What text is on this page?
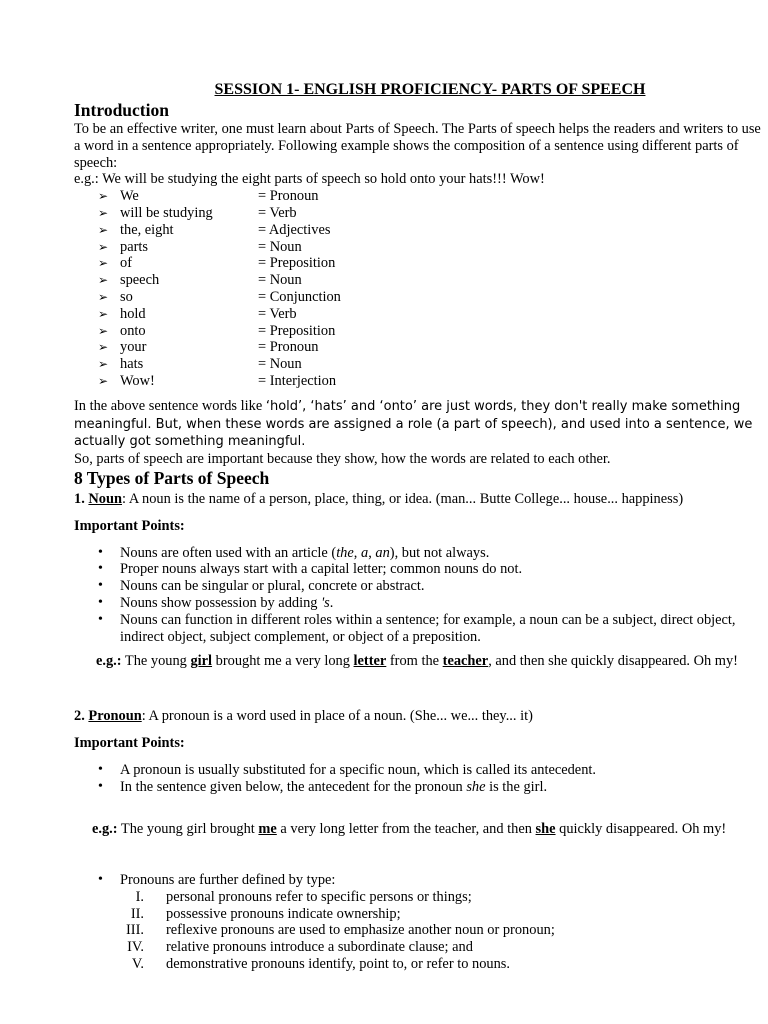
SESSION 1- ENGLISH PROFICIENCY- PARTS OF SPEECH
Introduction

To be an effective writer, one must learn about Parts of Speech. The Parts of speech helps the readers and writers to use a word in a sentence appropriately. Following example shows the composition of a sentence using different parts of speech:

e.g.: We will be studying the eight parts of speech so hold onto your hats!!! Wow!

➢ We	= Pronoun
➢ will be studying	= Verb
➢ the, eight	= Adjectives
➢ parts	= Noun
➢ of	= Preposition
➢ speech	= Noun
➢ so	= Conjunction
➢ hold	= Verb
➢ onto	= Preposition
➢ your	= Pronoun
➢ hats	= Noun
➢ Wow!	= Interjection

In the above sentence words like ‘hold’, ‘hats’ and ‘onto’ are just words, they don't really make something meaningful. But, when these words are assigned a role (a part of speech), and used into a sentence, we actually got something meaningful.

So, parts of speech are important because they show, how the words are related to each other.

8 Types of Parts of Speech
1. Noun: A noun is the name of a person, place, thing, or idea. (man... Butte College... house... happiness)
Important Points:
•	Nouns are often used with an article (the, a, an), but not always.
•	Proper nouns always start with a capital letter; common nouns do not.
•	Nouns can be singular or plural, concrete or abstract.
•	Nouns show possession by adding 's.
•	Nouns can function in different roles within a sentence; for example, a noun can be a subject, direct object, indirect object, subject complement, or object of a preposition.
e.g.: The young girl brought me a very long letter from the teacher, and then she quickly disappeared. Oh my!
2. Pronoun: A pronoun is a word used in place of a noun. (She... we... they... it)
Important Points:
•	A pronoun is usually substituted for a specific noun, which is called its antecedent.
•	In the sentence given below, the antecedent for the pronoun she is the girl.
e.g.: The young girl brought me a very long letter from the teacher, and then she quickly disappeared. Oh my!
•	Pronouns are further defined by type:
I.	personal pronouns refer to specific persons or things;
II.	possessive pronouns indicate ownership;
III.	reflexive pronouns are used to emphasize another noun or pronoun;
IV.	relative pronouns introduce a subordinate clause; and
V.	demonstrative pronouns identify, point to, or refer to nouns.
